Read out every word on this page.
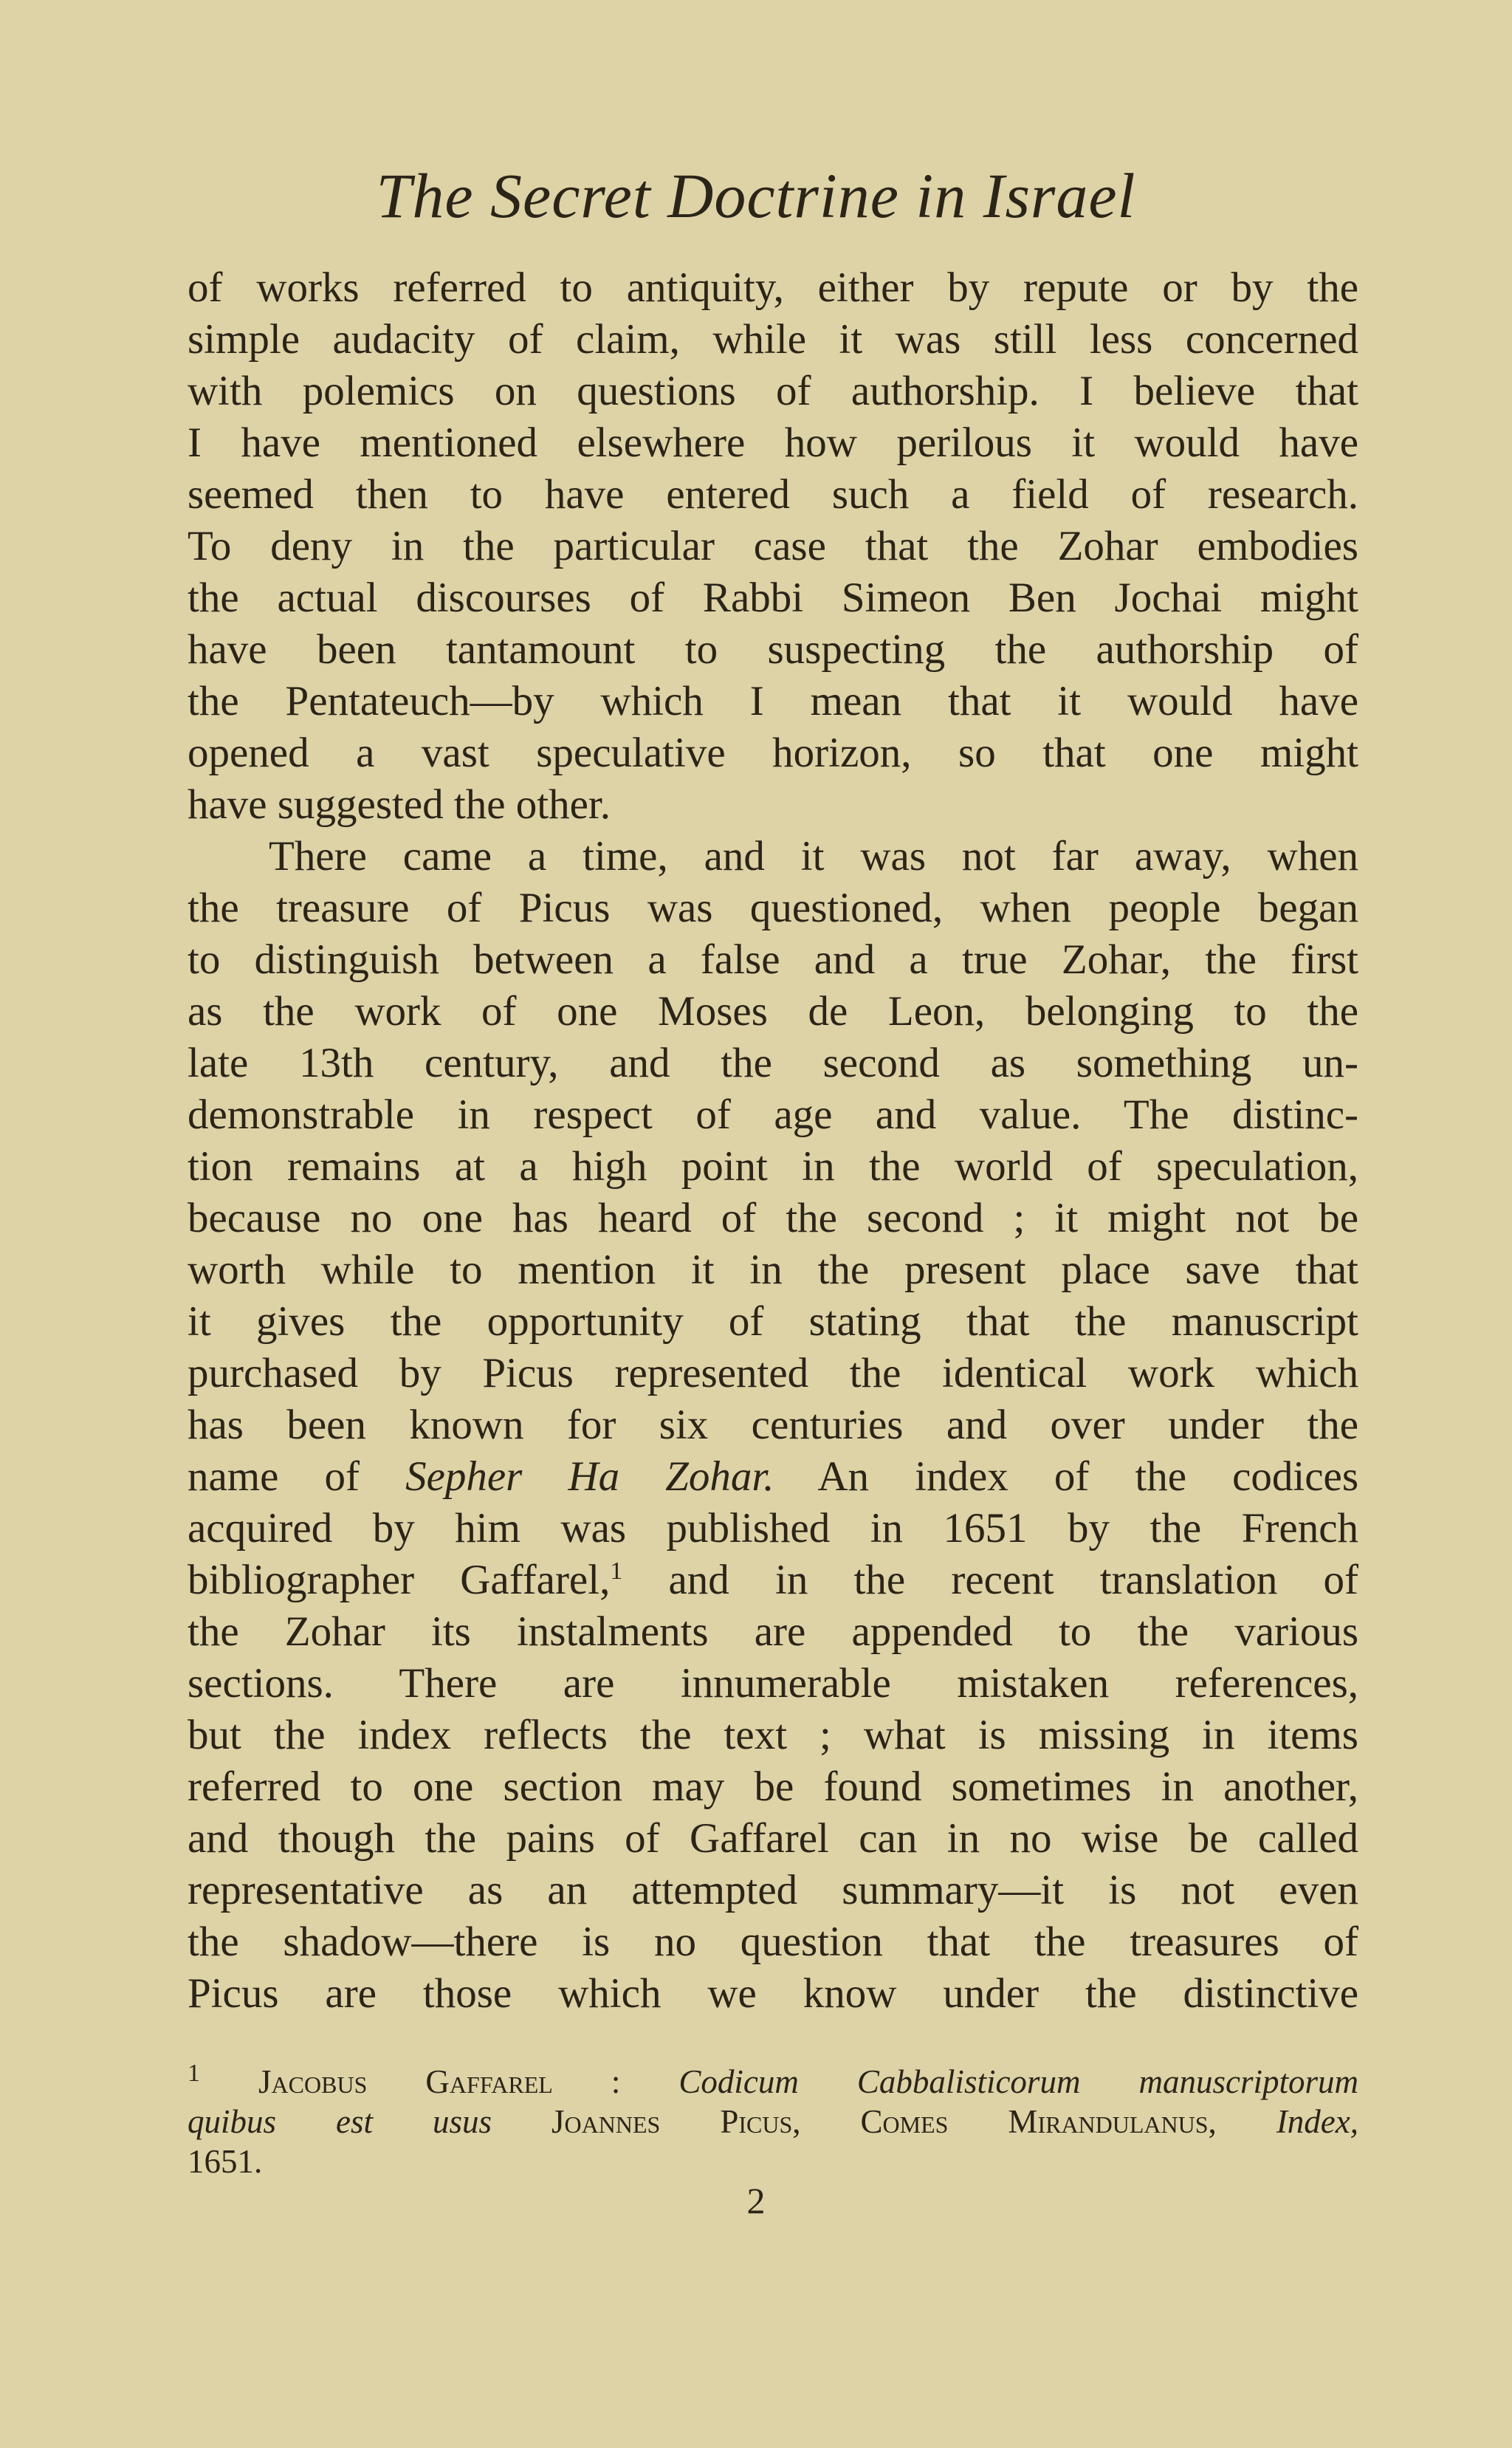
The Secret Doctrine in Israel
of works referred to antiquity, either by repute or by the
simple audacity of claim, while it was still less concerned
with polemics on questions of authorship. I believe that
I have mentioned elsewhere how perilous it would have
seemed then to have entered such a field of research.
To deny in the particular case that the Zohar embodies
the actual discourses of Rabbi Simeon Ben Jochai might
have been tantamount to suspecting the authorship of
the Pentateuch—by which I mean that it would have
opened a vast speculative horizon, so that one might
have suggested the other.
There came a time, and it was not far away, when
the treasure of Picus was questioned, when people began
to distinguish between a false and a true Zohar, the first
as the work of one Moses de Leon, belonging to the
late 13th century, and the second as something un-
demonstrable in respect of age and value. The distinc-
tion remains at a high point in the world of speculation,
because no one has heard of the second ; it might not be
worth while to mention it in the present place save that
it gives the opportunity of stating that the manuscript
purchased by Picus represented the identical work which
has been known for six centuries and over under the
name of Sepher Ha Zohar. An index of the codices
acquired by him was published in 1651 by the French
bibliographer Gaffarel,$^1$ and in the recent translation of
the Zohar its instalments are appended to the various
sections. There are innumerable mistaken references,
but the index reflects the text ; what is missing in items
referred to one section may be found sometimes in another,
and though the pains of Gaffarel can in no wise be called
representative as an attempted summary—it is not even
the shadow—there is no question that the treasures of
Picus are those which we know under the distinctive
$^1$ Jacobus Gaffarel : Codicum Cabbalisticorum manuscriptorum
quibus est usus Joannes Picus, Comes Mirandulanus, Index,
1651.
2
